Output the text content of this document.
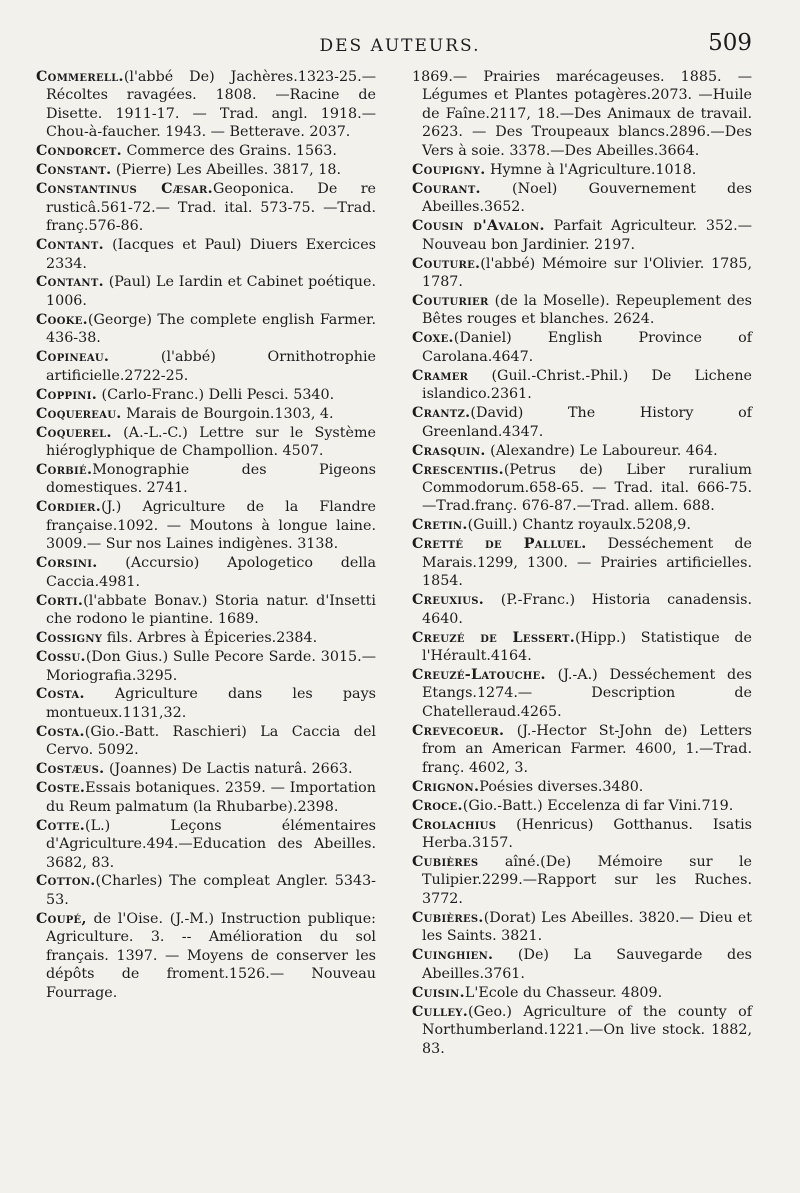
DES AUTEURS.	509
Commerell.(l'abbé De) Jachères.1323-25.— Récoltes ravagées. 1808. —Racine de Disette. 1911-17. — Trad. angl. 1918.— Chou-à-faucher. 1943. — Betterave. 2037.
Condorcet. Commerce des Grains. 1563.
Constant. (Pierre) Les Abeilles. 3817, 18.
Constantinus Cæsar.Geoponica. De re rusticâ.561-72.— Trad. ital. 573-75. —Trad. franç.576-86.
Contant. (Iacques et Paul) Diuers Exercices 2334.
Contant. (Paul) Le Iardin et Cabinet poétique. 1006.
Cooke.(George) The complete english Farmer. 436-38.
Copineau. (l'abbé) Ornithotrophie artificielle.2722-25.
Coppini. (Carlo-Franc.) Delli Pesci. 5340.
Coquereau. Marais de Bourgoin.1303, 4.
Coquerel. (A.-L.-C.) Lettre sur le Système hiéroglyphique de Champollion. 4507.
Corbié.Monographie des Pigeons domestiques. 2741.
Cordier.(J.) Agriculture de la Flandre française.1092. — Moutons à longue laine. 3009.— Sur nos Laines indigènes. 3138.
Corsini. (Accursio) Apologetico della Caccia.4981.
Corti.(l'abbate Bonav.) Storia natur. d'Insetti che rodono le piantine. 1689.
Cossigny fils. Arbres à Épiceries.2384.
Cossu.(Don Gius.) Sulle Pecore Sarde. 3015.—Moriografia.3295.
Costa. Agriculture dans les pays montueux.1131,32.
Costa.(Gio.-Batt. Raschieri) La Caccia del Cervo. 5092.
Costæus. (Joannes) De Lactis naturâ. 2663.
Coste.Essais botaniques. 2359. — Importation du Reum palmatum (la Rhubarbe).2398.
Cotte.(L.) Leçons élémentaires d'Agriculture.494.—Education des Abeilles. 3682, 83.
Cotton.(Charles) The compleat Angler. 5343-53.
Coupé, de l'Oise. (J.-M.) Instruction publique: Agriculture. 3. -- Amélioration du sol français. 1397. — Moyens de conserver les dépôts de froment.1526.— Nouveau Fourrage.
1869.— Prairies marécageuses. 1885. —Légumes et Plantes potagères.2073. —Huile de Faîne.2117, 18.—Des Animaux de travail. 2623. — Des Troupeaux blancs.2896.—Des Vers à soie. 3378.—Des Abeilles.3664.
Coupigny. Hymne à l'Agriculture.1018.
Courant. (Noel) Gouvernement des Abeilles.3652.
Cousin d'Avalon. Parfait Agriculteur. 352.—Nouveau bon Jardinier. 2197.
Couture.(l'abbé) Mémoire sur l'Olivier. 1785, 1787.
Couturier (de la Moselle). Repeuplement des Bêtes rouges et blanches. 2624.
Coxe.(Daniel) English Province of Carolana.4647.
Cramer (Guil.-Christ.-Phil.) De Lichene islandico.2361.
Crantz.(David) The History of Greenland.4347.
Crasquin. (Alexandre) Le Laboureur. 464.
Crescentiis.(Petrus de) Liber ruralium Commodorum.658-65. — Trad. ital. 666-75.—Trad.franç. 676-87.—Trad. allem. 688.
Cretin.(Guill.) Chantz royaulx.5208,9.
Cretté de Palluel. Desséchement de Marais.1299, 1300. — Prairies artificielles. 1854.
Creuxius. (P.-Franc.) Historia canadensis. 4640.
Creuzé de Lessert.(Hipp.) Statistique de l'Hérault.4164.
Creuzé-Latouche. (J.-A.) Desséchement des Etangs.1274.— Description de Chatelleraud.4265.
Crevecoeur. (J.-Hector St-John de) Letters from an American Farmer. 4600, 1.—Trad. franç. 4602, 3.
Crignon.Poésies diverses.3480.
Croce.(Gio.-Batt.) Eccelenza di far Vini.719.
Crolachius (Henricus) Gotthanus. Isatis Herba.3157.
Cubières aîné.(De) Mémoire sur le Tulipier.2299.—Rapport sur les Ruches. 3772.
Cubières.(Dorat) Les Abeilles. 3820.— Dieu et les Saints. 3821.
Cuinghien. (De) La Sauvegarde des Abeilles.3761.
Cuisin.L'Ecole du Chasseur. 4809.
Culley.(Geo.) Agriculture of the county of Northumberland.1221.—On live stock. 1882, 83.
